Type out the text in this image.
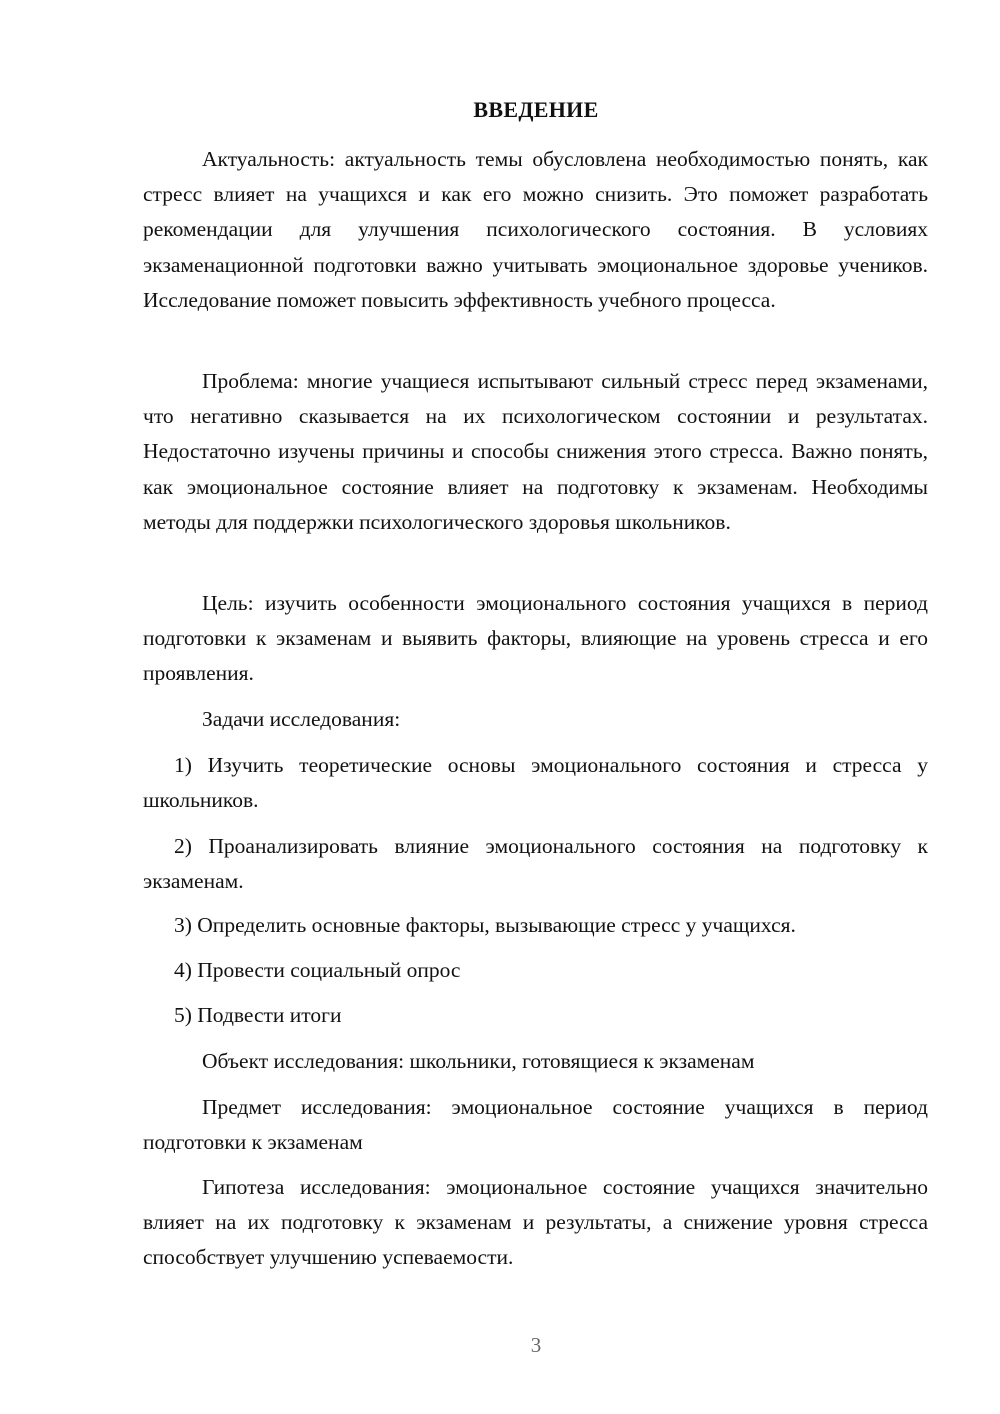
ВВЕДЕНИЕ

Актуальность: актуальность темы обусловлена необходимостью понять, как стресс влияет на учащихся и как его можно снизить. Это поможет разработать рекомендации для улучшения психологического состояния. В условиях экзаменационной подготовки важно учитывать эмоциональное здоровье учеников. Исследование поможет повысить эффективность учебного процесса.

Проблема: многие учащиеся испытывают сильный стресс перед экзаменами, что негативно сказывается на их психологическом состоянии и результатах. Недостаточно изучены причины и способы снижения этого стресса. Важно понять, как эмоциональное состояние влияет на подготовку к экзаменам. Необходимы методы для поддержки психологического здоровья школьников.

Цель: изучить особенности эмоционального состояния учащихся в период подготовки к экзаменам и выявить факторы, влияющие на уровень стресса и его проявления.

Задачи исследования:

1) Изучить теоретические основы эмоционального состояния и стресса у школьников.

2) Проанализировать влияние эмоционального состояния на подготовку к экзаменам.

3) Определить основные факторы, вызывающие стресс у учащихся.

4) Провести социальный опрос

5) Подвести итоги

Объект исследования: школьники, готовящиеся к экзаменам

Предмет исследования: эмоциональное состояние учащихся в период подготовки к экзаменам

Гипотеза исследования: эмоциональное состояние учащихся значительно влияет на их подготовку к экзаменам и результаты, а снижение уровня стресса способствует улучшению успеваемости.

3
